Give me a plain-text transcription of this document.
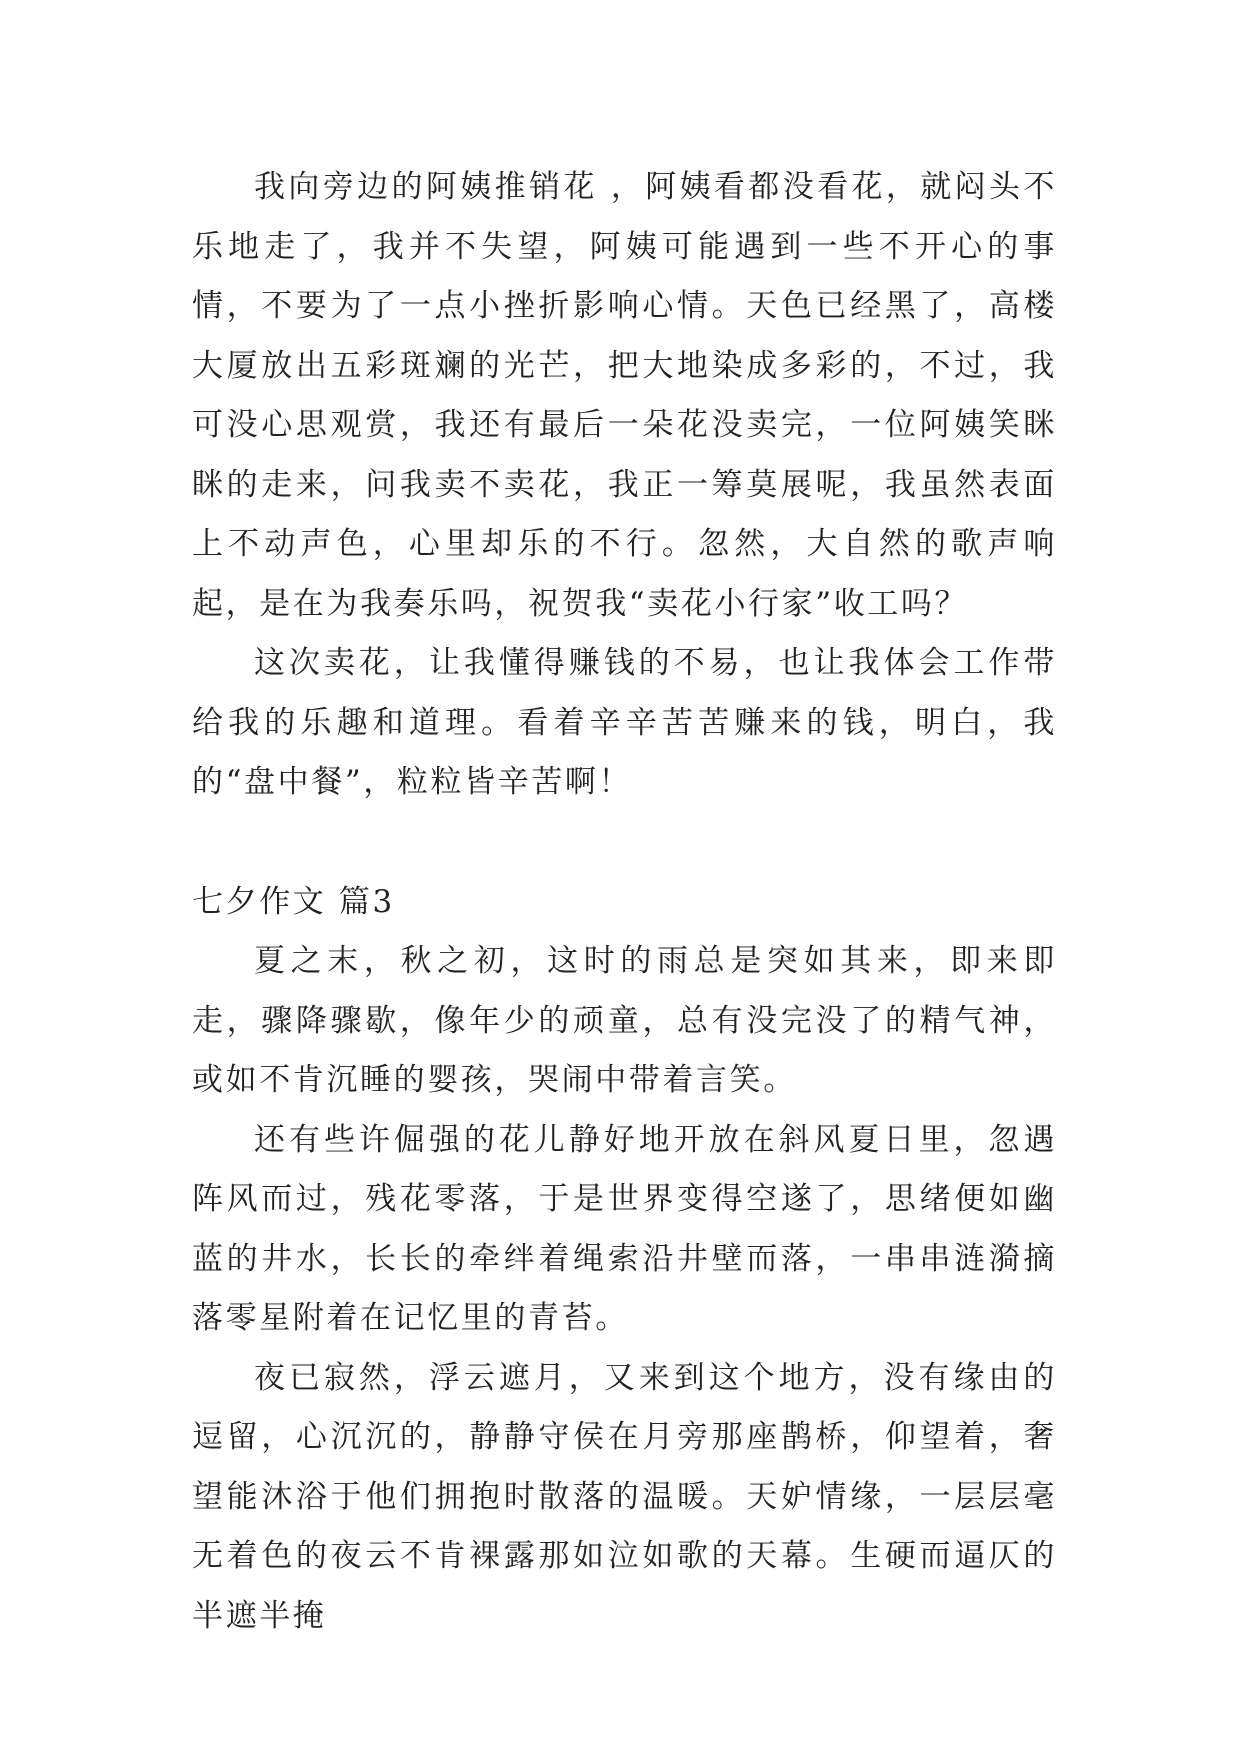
我向旁边的阿姨推销花 ，阿姨看都没看花，就闷头不乐地走了，我并不失望，阿姨可能遇到一些不开心的事情，不要为了一点小挫折影响心情。天色已经黑了，高楼大厦放出五彩斑斓的光芒，把大地染成多彩的，不过，我可没心思观赏，我还有最后一朵花没卖完，一位阿姨笑眯眯的走来，问我卖不卖花，我正一筹莫展呢，我虽然表面上不动声色，心里却乐的不行。忽然，大自然的歌声响起，是在为我奏乐吗，祝贺我“卖花小行家”收工吗？

这次卖花，让我懂得赚钱的不易，也让我体会工作带给我的乐趣和道理。看着辛辛苦苦赚来的钱，明白，我的“盘中餐”，粒粒皆辛苦啊！

七夕作文 篇3

夏之末，秋之初，这时的雨总是突如其来，即来即走，骤降骤歇，像年少的顽童，总有没完没了的精气神，或如不肯沉睡的婴孩，哭闹中带着言笑。

还有些许倔强的花儿静好地开放在斜风夏日里，忽遇阵风而过，残花零落，于是世界变得空遂了，思绪便如幽蓝的井水，长长的牵绊着绳索沿井壁而落，一串串涟漪摘落零星附着在记忆里的青苔。

夜已寂然，浮云遮月，又来到这个地方，没有缘由的逗留，心沉沉的，静静守侯在月旁那座鹊桥，仰望着，奢望能沐浴于他们拥抱时散落的温暖。天妒情缘，一层层毫无着色的夜云不肯裸露那如泣如歌的天幕。生硬而逼仄的半遮半掩
